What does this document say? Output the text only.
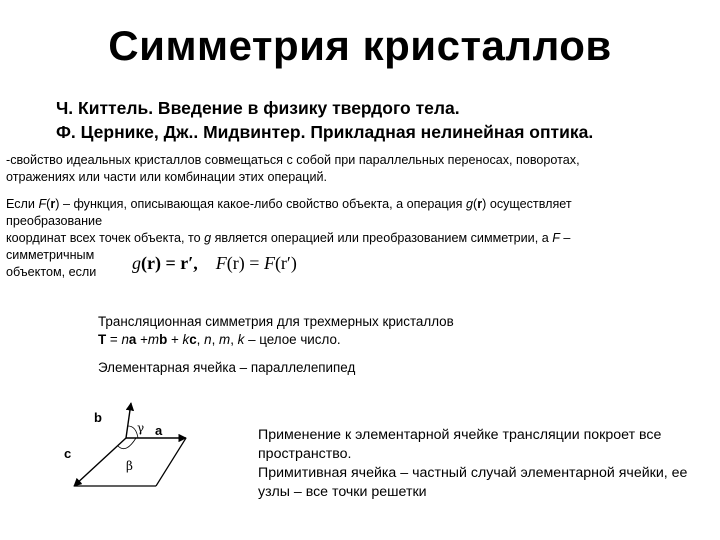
Симметрия кристаллов
Ч. Киттель. Введение в физику твердого тела.
Ф. Цернике, Дж.. Мидвинтер. Прикладная нелинейная оптика.
-свойство идеальных кристаллов совмещаться с собой при параллельных переносах, поворотах,
отражениях или части или комбинации этих операций.
Если F(r) – функция, описывающая какое-либо свойство объекта, а операция g(r) осуществляет
преобразование
координат всех точек объекта, то g является операцией или преобразованием симметрии, а F –
симметричным
объектом, если	g(r) = r′, F(r) = F(r′)
Трансляционная симметрия для трехмерных кристаллов
T = na +mb + kc, n, m, k – целое число.
Элементарная ячейка – параллелепипед
b
c
a
γ
β
Применение к элементарной ячейке трансляции покроет все пространство.
Примитивная ячейка – частный случай элементарной ячейки, ее узлы – все точки решетки
